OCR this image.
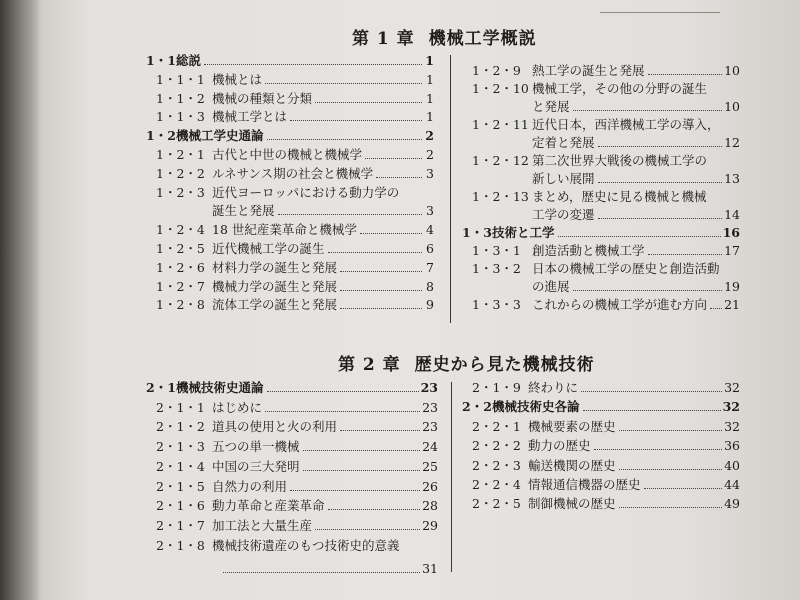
第 1 章 機械工学概説
1・1 総説	1
1・1・1 機械とは	1
1・1・2 機械の種類と分類	1
1・1・3 機械工学とは	1
1・2 機械工学史通論	2
1・2・1 古代と中世の機械と機械学	2
1・2・2 ルネサンス期の社会と機械学	3
1・2・3 近代ヨーロッパにおける動力学の
誕生と発展	3
1・2・4 18 世紀産業革命と機械学	4
1・2・5 近代機械工学の誕生	6
1・2・6 材料力学の誕生と発展	7
1・2・7 機械力学の誕生と発展	8
1・2・8 流体工学の誕生と発展	9
1・2・9 熱工学の誕生と発展	10
1・2・10 機械工学，その他の分野の誕生
と発展	10
1・2・11 近代日本，西洋機械工学の導入，
定着と発展	12
1・2・12 第二次世界大戦後の機械工学の
新しい展開	13
1・2・13 まとめ，歴史に見る機械と機械
工学の変遷	14
1・3 技術と工学	16
1・3・1 創造活動と機械工学	17
1・3・2 日本の機械工学の歴史と創造活動
の進展	19
1・3・3 これからの機械工学が進む方向 21
第 2 章 歴史から見た機械技術
2・1 機械技術史通論	23
2・1・1 はじめに	23
2・1・2 道具の使用と火の利用	23
2・1・3 五つの単一機械	24
2・1・4 中国の三大発明	25
2・1・5 自然力の利用	26
2・1・6 動力革命と産業革命	28
2・1・7 加工法と大量生産	29
2・1・8 機械技術遺産のもつ技術史的意義
31
2・1・9 終わりに	32
2・2 機械技術史各論	32
2・2・1 機械要素の歴史	32
2・2・2 動力の歴史	36
2・2・3 輸送機関の歴史	40
2・2・4 情報通信機器の歴史	44
2・2・5 制御機械の歴史	49
